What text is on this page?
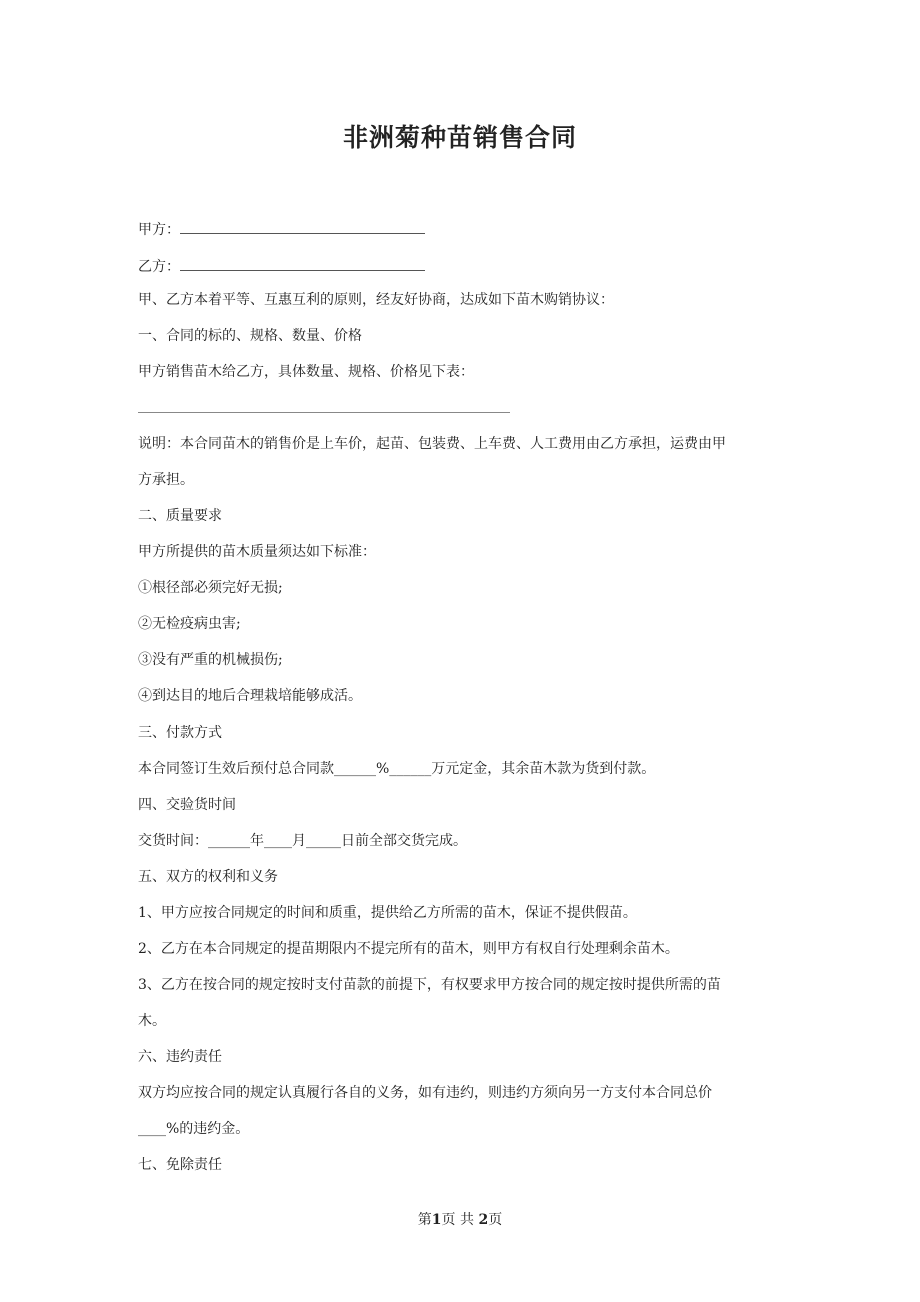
非洲菊种苗销售合同

甲方：

乙方：

甲、乙方本着平等、互惠互利的原则，经友好协商，达成如下苗木购销协议：

一、合同的标的、规格、数量、价格

甲方销售苗木给乙方，具体数量、规格、价格见下表：

说明：本合同苗木的销售价是上车价，起苗、包装费、上车费、人工费用由乙方承担，运费由甲

方承担。

二、质量要求

甲方所提供的苗木质量须达如下标准：

①根径部必须完好无损;

②无检疫病虫害;

③没有严重的机械损伤;

④到达目的地后合理栽培能够成活。

三、付款方式

本合同签订生效后预付总合同款______%______万元定金，其余苗木款为货到付款。

四、交验货时间

交货时间：______年____月_____日前全部交货完成。

五、双方的权利和义务

1、甲方应按合同规定的时间和质重，提供给乙方所需的苗木，保证不提供假苗。

2、乙方在本合同规定的提苗期限内不提完所有的苗木，则甲方有权自行处理剩余苗木。

3、乙方在按合同的规定按时支付苗款的前提下，有权要求甲方按合同的规定按时提供所需的苗

木。

六、违约责任

双方均应按合同的规定认真履行各自的义务，如有违约，则违约方须向另一方支付本合同总价

____%的违约金。

七、免除责任

第1页 共 2页
